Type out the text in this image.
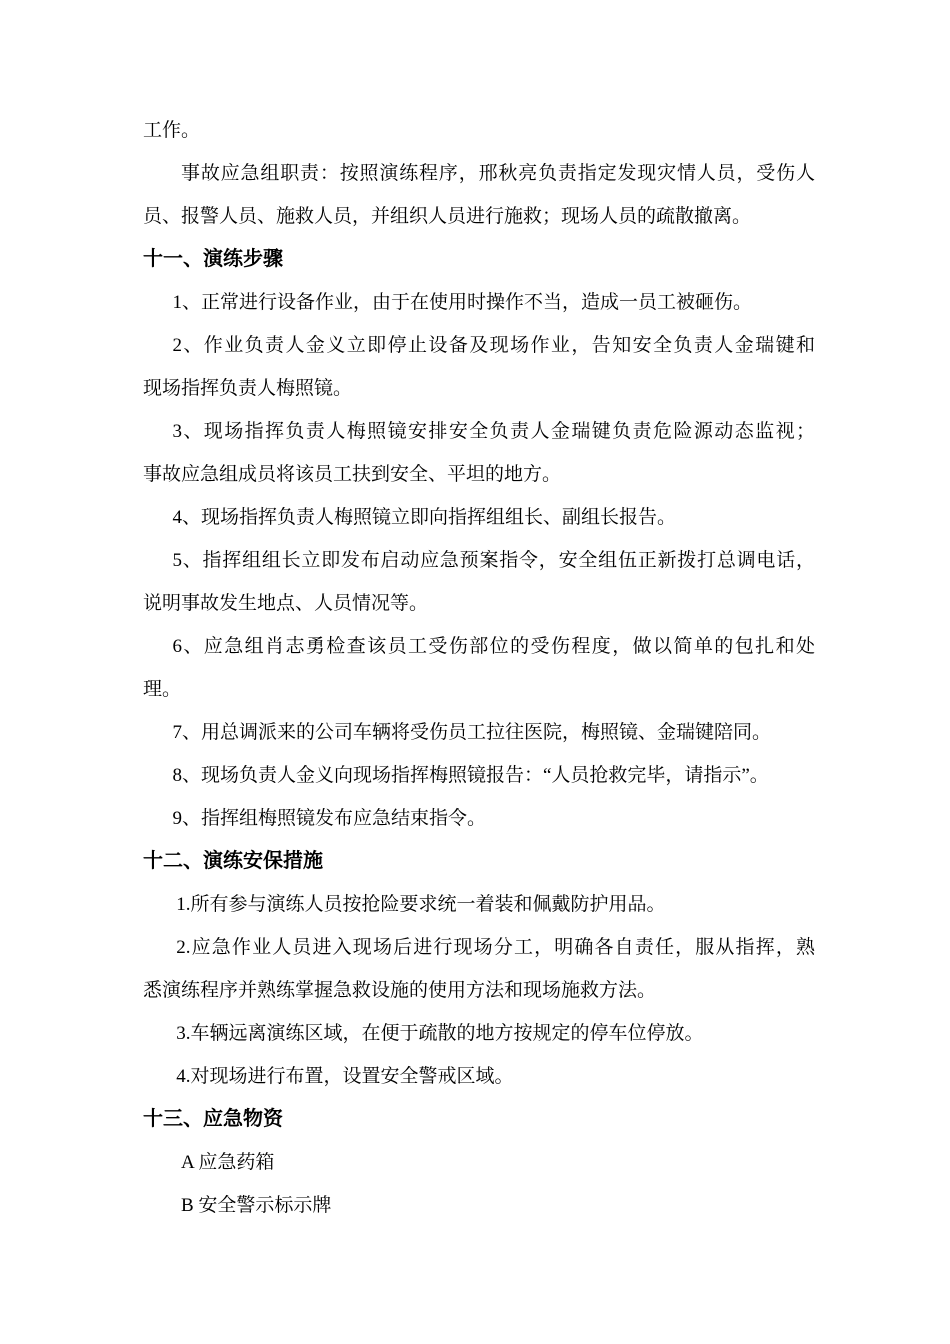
工作。
事故应急组职责：按照演练程序，邢秋亮负责指定发现灾情人员，受伤人
员、报警人员、施救人员，并组织人员进行施救；现场人员的疏散撤离。
十一、演练步骤
1、正常进行设备作业，由于在使用时操作不当，造成一员工被砸伤。
2、作业负责人金义立即停止设备及现场作业，告知安全负责人金瑞键和
现场指挥负责人梅照镜。
3、现场指挥负责人梅照镜安排安全负责人金瑞键负责危险源动态监视；
事故应急组成员将该员工扶到安全、平坦的地方。
4、现场指挥负责人梅照镜立即向指挥组组长、副组长报告。
5、指挥组组长立即发布启动应急预案指令，安全组伍正新拨打总调电话，
说明事故发生地点、人员情况等。
6、应急组肖志勇检查该员工受伤部位的受伤程度，做以简单的包扎和处
理。
7、用总调派来的公司车辆将受伤员工拉往医院，梅照镜、金瑞键陪同。
8、现场负责人金义向现场指挥梅照镜报告：“人员抢救完毕，请指示”。
9、指挥组梅照镜发布应急结束指令。
十二、演练安保措施
1.所有参与演练人员按抢险要求统一着装和佩戴防护用品。
2.应急作业人员进入现场后进行现场分工，明确各自责任，服从指挥，熟
悉演练程序并熟练掌握急救设施的使用方法和现场施救方法。
3.车辆远离演练区域，在便于疏散的地方按规定的停车位停放。
4.对现场进行布置，设置安全警戒区域。
十三、应急物资
A 应急药箱
B 安全警示标示牌
